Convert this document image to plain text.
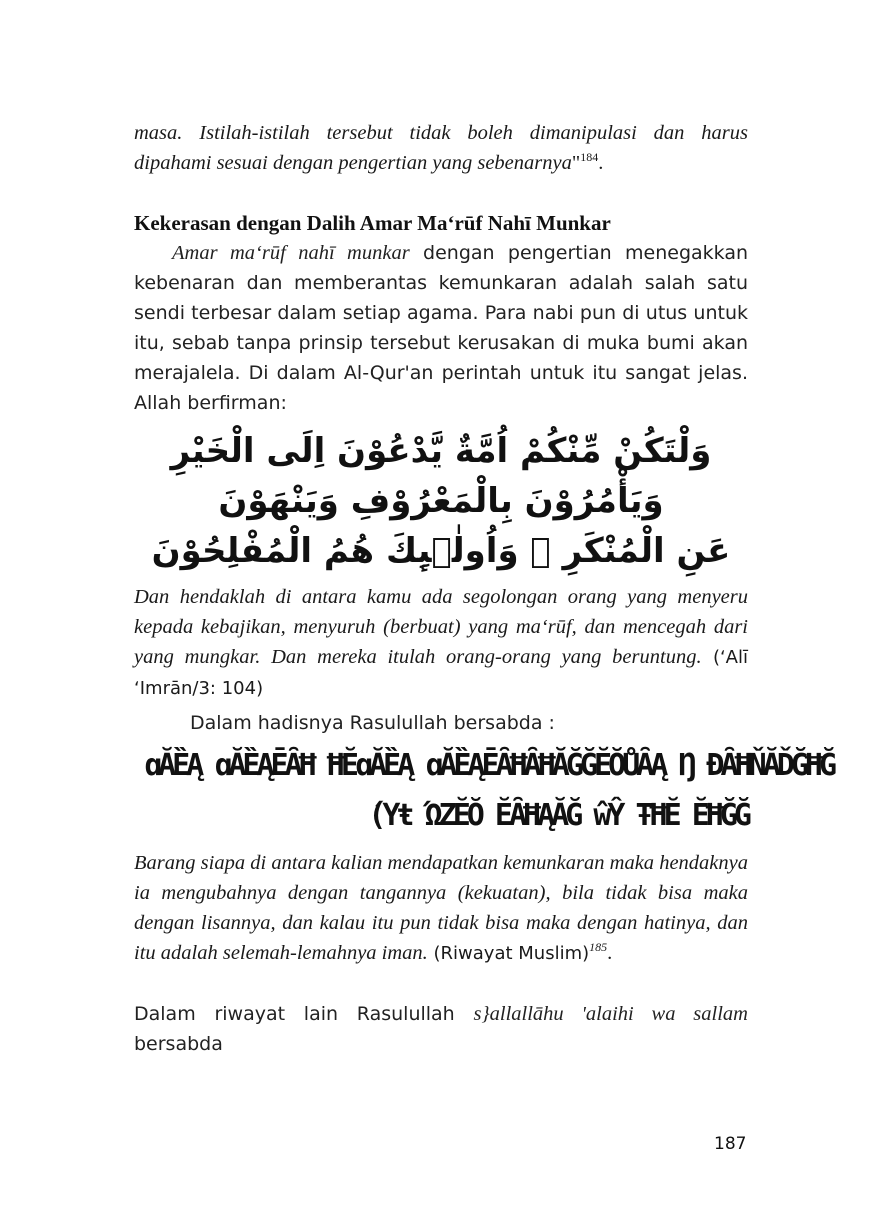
masa. Istilah-istilah tersebut tidak boleh dimanipulasi dan harus dipahami sesuai dengan pengertian yang sebenarnya"$^{184}$.

Kekerasan dengan Dalih Amar Ma‘rūf Nahī Munkar

Amar ma‘rūf nahī munkar dengan pengertian menegakkan kebenaran dan memberantas kemunkaran adalah salah satu sendi terbesar dalam setiap agama. Para nabi pun di utus untuk itu, sebab tanpa prinsip tersebut kerusakan di muka bumi akan merajalela. Di dalam Al-Qur'an perintah untuk itu sangat jelas. Allah berfirman:

وَلْتَكُنْ مِّنْكُمْ اُمَّةٌ يَّدْعُوْنَ اِلَى الْخَيْرِ وَيَأْمُرُوْنَ بِالْمَعْرُوْفِ وَيَنْهَوْنَ
عَنِ الْمُنْكَرِ ۗ وَاُولٰۤىِٕكَ هُمُ الْمُفْلِحُوْنَ

Dan hendaklah di antara kamu ada segolongan orang yang menyeru kepada kebajikan, menyuruh (berbuat) yang ma‘rūf, dan mencegah dari yang mungkar. Dan mereka itulah orang-orang yang beruntung. (ʻAlī ʻImrān/3: 104)

Dalam hadisnya Rasulullah bersabda :

ɑĂȄĄ ɑĂȄĄĒȂĦ ĦĔɑĂȄĄ ɑĂȄĄĒȂĦȂĦĂĞĞĔŎŮȂĄ Ŋ ĐȂĦŇĂĎĞĦĞ
(Ύŧ ΏΖĔŎ ĔȂĦĄĂĞ ŵŶ ŦĦĔ ĔĦĞĞ

Barang siapa di antara kalian mendapatkan kemunkaran maka hendaknya ia mengubahnya dengan tangannya (kekuatan), bila tidak bisa maka dengan lisannya, dan kalau itu pun tidak bisa maka dengan hatinya, dan itu adalah selemah-lemahnya iman. (Riwayat Muslim)$^{185}$.

Dalam riwayat lain Rasulullah s}allallāhu 'alaihi wa sallam bersabda

187
